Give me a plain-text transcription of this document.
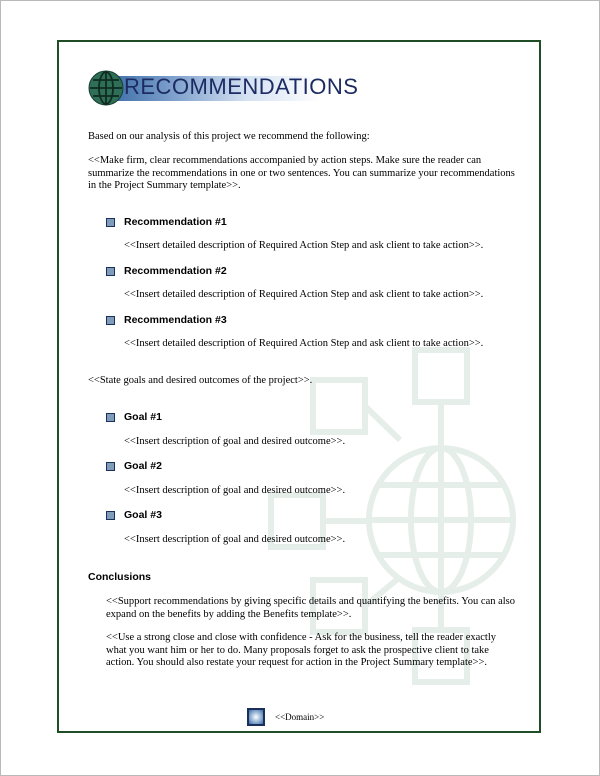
RECOMMENDATIONS

Based on our analysis of this project we recommend the following:

<<Make firm, clear recommendations accompanied by action steps. Make sure the reader can summarize the recommendations in one or two sentences. You can summarize your recommendations in the Project Summary template>>.

Recommendation #1
<<Insert detailed description of Required Action Step and ask client to take action>>.
Recommendation #2
<<Insert detailed description of Required Action Step and ask client to take action>>.
Recommendation #3
<<Insert detailed description of Required Action Step and ask client to take action>>.

<<State goals and desired outcomes of the project>>.

Goal #1
<<Insert description of goal and desired outcome>>.
Goal #2
<<Insert description of goal and desired outcome>>.
Goal #3
<<Insert description of goal and desired outcome>>.
Conclusions

<<Support recommendations by giving specific details and quantifying the benefits. You can also expand on the benefits by adding the Benefits template>>.

<<Use a strong close and close with confidence - Ask for the business, tell the reader exactly what you want him or her to do. Many proposals forget to ask the prospective client to take action. You should also restate your request for action in the Project Summary template>>.

<<Domain>>
